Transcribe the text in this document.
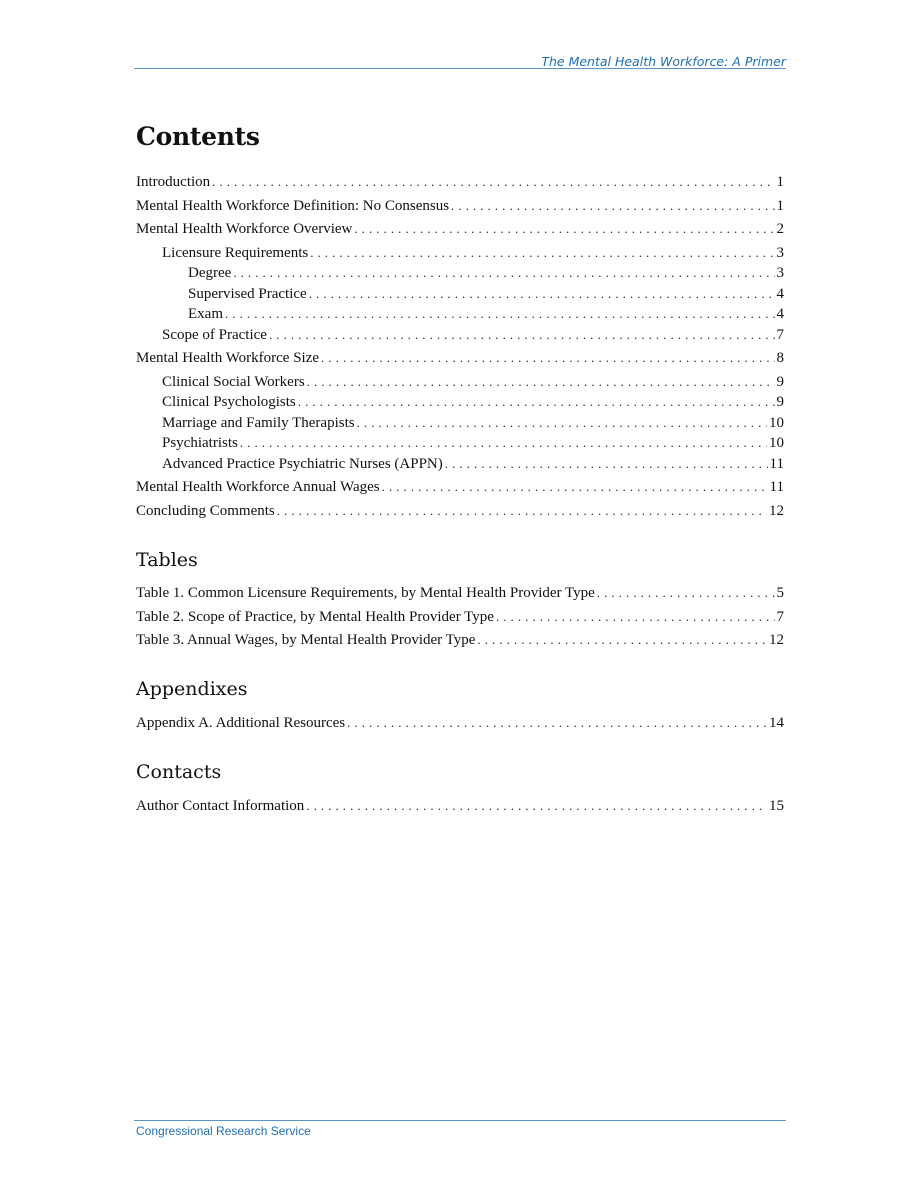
The Mental Health Workforce: A Primer
Contents
Introduction . . .	1
Mental Health Workforce Definition: No Consensus . . .	1
Mental Health Workforce Overview . . .	2
Licensure Requirements . . .	3
Degree . . .	3
Supervised Practice . . .	4
Exam . . .	4
Scope of Practice . . .	7
Mental Health Workforce Size . . .	8
Clinical Social Workers . . .	9
Clinical Psychologists . . .	9
Marriage and Family Therapists . . .	10
Psychiatrists . . .	10
Advanced Practice Psychiatric Nurses (APPN) . . .	11
Mental Health Workforce Annual Wages . . .	11
Concluding Comments . . .	12
Tables
Table 1. Common Licensure Requirements, by Mental Health Provider Type . . .	5
Table 2. Scope of Practice, by Mental Health Provider Type . . .	7
Table 3. Annual Wages, by Mental Health Provider Type . . .	12
Appendixes
Appendix A. Additional Resources . . .	14
Contacts
Author Contact Information . . .	15
Congressional Research Service
